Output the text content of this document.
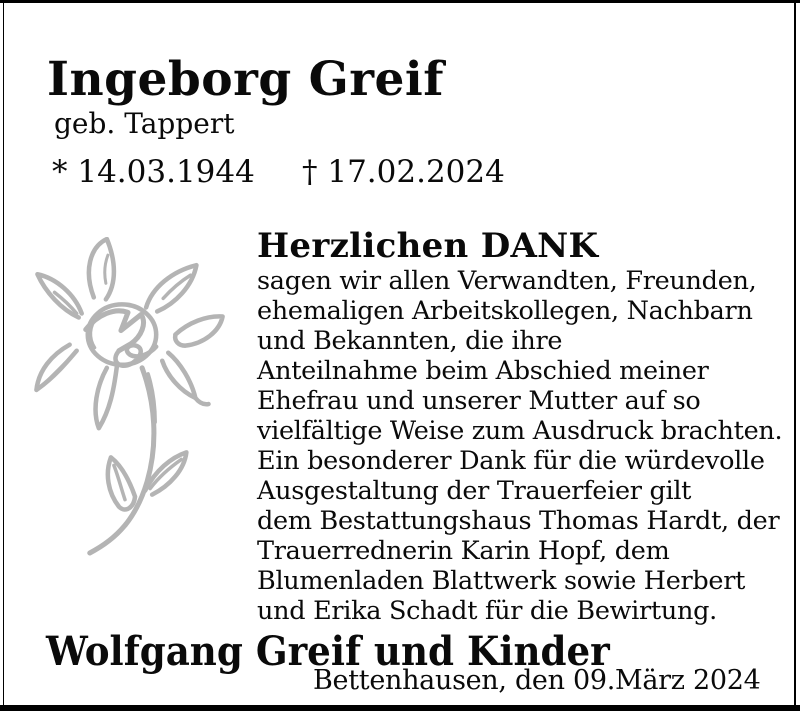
Ingeborg Greif
geb. Tappert
* 14.03.1944 † 17.02.2024
Herzlichen DANK
sagen wir allen Verwandten, Freunden,
ehemaligen Arbeitskollegen, Nachbarn
und Bekannten, die ihre
Anteilnahme beim Abschied meiner
Ehefrau und unserer Mutter auf so
vielfältige Weise zum Ausdruck brachten.
Ein besonderer Dank für die würdevolle
Ausgestaltung der Trauerfeier gilt
dem Bestattungshaus Thomas Hardt, der
Trauerrednerin Karin Hopf, dem
Blumenladen Blattwerk sowie Herbert
und Erika Schadt für die Bewirtung.
Wolfgang Greif und Kinder
Bettenhausen, den 09.März 2024
